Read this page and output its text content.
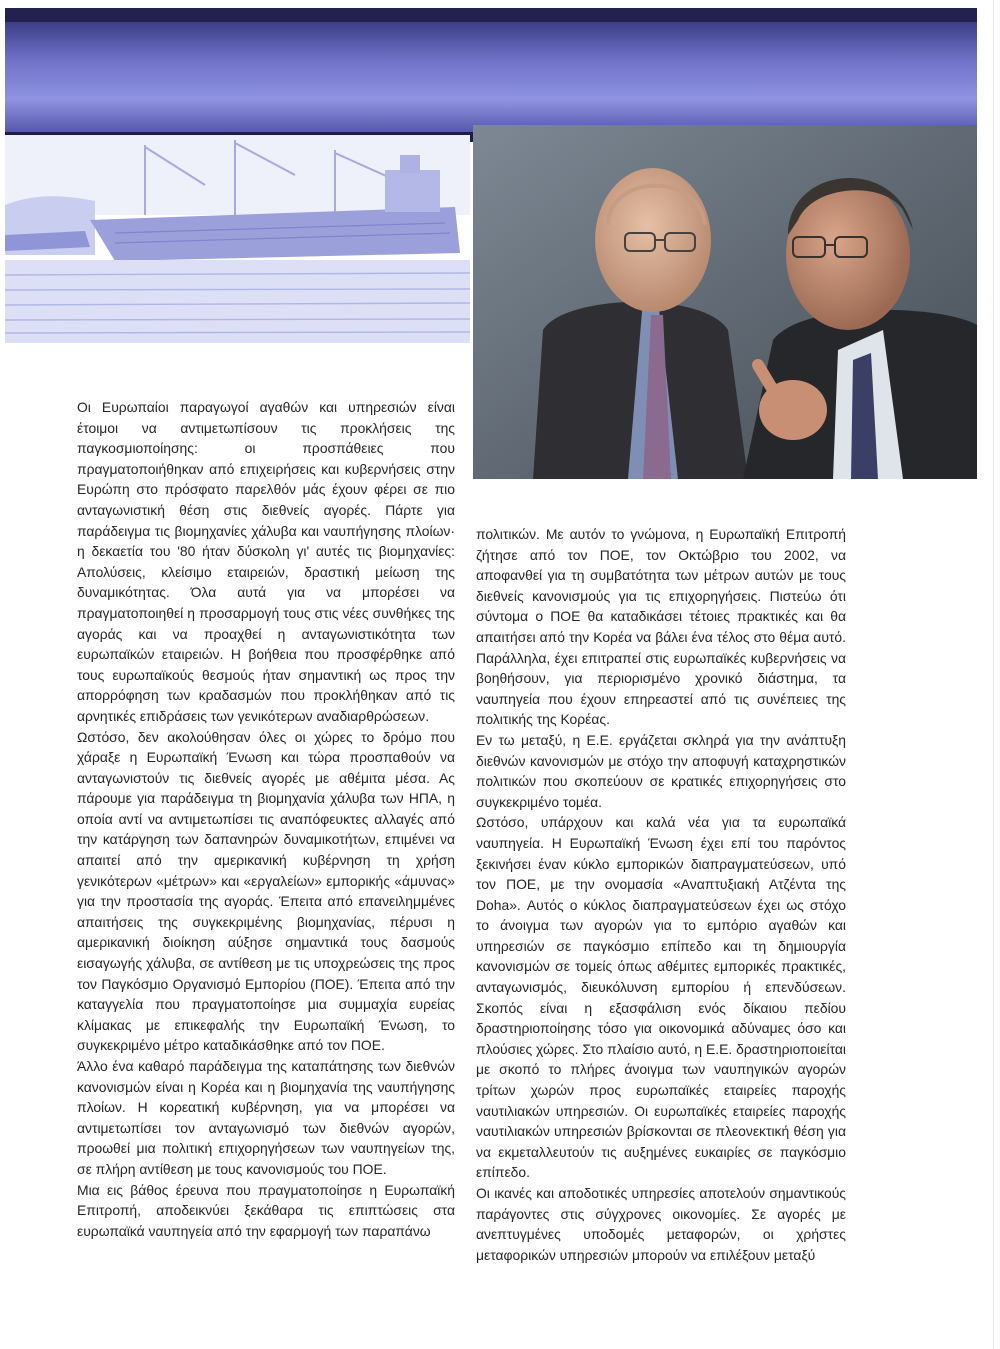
Οι Ευρωπαίοι παραγωγοί αγαθών και υπηρεσιών είναι έτοιμοι να αντιμετωπίσουν τις προκλήσεις της παγκοσμιοποίησης: οι προσπάθειες που πραγματοποιήθηκαν από επιχειρήσεις και κυβερνήσεις στην Ευρώπη στο πρόσφατο παρελθόν μάς έχουν φέρει σε πιο ανταγωνιστική θέση στις διεθνείς αγορές. Πάρτε για παράδειγμα τις βιομηχανίες χάλυβα και ναυπήγησης πλοίων· η δεκαετία του '80 ήταν δύσκολη γι' αυτές τις βιομηχανίες: Απολύσεις, κλείσιμο εταιρειών, δραστική μείωση της δυναμικότητας. Όλα αυτά για να μπορέσει να πραγματοποιηθεί η προσαρμογή τους στις νέες συνθήκες της αγοράς και να προαχθεί η ανταγωνιστικότητα των ευρωπαϊκών εταιρειών. Η βοήθεια που προσφέρθηκε από τους ευρωπαϊκούς θεσμούς ήταν σημαντική ως προς την απορρόφηση των κραδασμών που προκλήθηκαν από τις αρνητικές επιδράσεις των γενικότερων αναδιαρθρώσεων.

Ωστόσο, δεν ακολούθησαν όλες οι χώρες το δρόμο που χάραξε η Ευρωπαϊκή Ένωση και τώρα προσπαθούν να ανταγωνιστούν τις διεθνείς αγορές με αθέμιτα μέσα. Ας πάρουμε για παράδειγμα τη βιομηχανία χάλυβα των ΗΠΑ, η οποία αντί να αντιμετωπίσει τις αναπόφευκτες αλλαγές από την κατάργηση των δαπανηρών δυναμικοτήτων, επιμένει να απαιτεί από την αμερικανική κυβέρνηση τη χρήση γενικότερων «μέτρων» και «εργαλείων» εμπορικής «άμυνας» για την προστασία της αγοράς. Έπειτα από επανειλημμένες απαιτήσεις της συγκεκριμένης βιομηχανίας, πέρυσι η αμερικανική διοίκηση αύξησε σημαντικά τους δασμούς εισαγωγής χάλυβα, σε αντίθεση με τις υποχρεώσεις της προς τον Παγκόσμιο Οργανισμό Εμπορίου (ΠΟΕ). Έπειτα από την καταγγελία που πραγματοποίησε μια συμμαχία ευρείας κλίμακας με επικεφαλής την Ευρωπαϊκή Ένωση, το συγκεκριμένο μέτρο καταδικάσθηκε από τον ΠΟΕ.

Άλλο ένα καθαρό παράδειγμα της καταπάτησης των διεθνών κανονισμών είναι η Κορέα και η βιομηχανία της ναυπήγησης πλοίων. Η κορεατική κυβέρνηση, για να μπορέσει να αντιμετωπίσει τον ανταγωνισμό των διεθνών αγορών, προωθεί μια πολιτική επιχορηγήσεων των ναυπηγείων της, σε πλήρη αντίθεση με τους κανονισμούς του ΠΟΕ.

Μια εις βάθος έρευνα που πραγματοποίησε η Ευρωπαϊκή Επιτροπή, αποδεικνύει ξεκάθαρα τις επιπτώσεις στα ευρωπαϊκά ναυπηγεία από την εφαρμογή των παραπάνω

πολιτικών. Με αυτόν το γνώμονα, η Ευρωπαϊκή Επιτροπή ζήτησε από τον ΠΟΕ, τον Οκτώβριο του 2002, να αποφανθεί για τη συμβατότητα των μέτρων αυτών με τους διεθνείς κανονισμούς για τις επιχορηγήσεις. Πιστεύω ότι σύντομα ο ΠΟΕ θα καταδικάσει τέτοιες πρακτικές και θα απαιτήσει από την Κορέα να βάλει ένα τέλος στο θέμα αυτό. Παράλληλα, έχει επιτραπεί στις ευρωπαϊκές κυβερνήσεις να βοηθήσουν, για περιορισμένο χρονικό διάστημα, τα ναυπηγεία που έχουν επηρεαστεί από τις συνέπειες της πολιτικής της Κορέας.

Εν τω μεταξύ, η Ε.Ε. εργάζεται σκληρά για την ανάπτυξη διεθνών κανονισμών με στόχο την αποφυγή καταχρηστικών πολιτικών που σκοπεύουν σε κρατικές επιχορηγήσεις στο συγκεκριμένο τομέα.

Ωστόσο, υπάρχουν και καλά νέα για τα ευρωπαϊκά ναυπηγεία. Η Ευρωπαϊκή Ένωση έχει επί του παρόντος ξεκινήσει έναν κύκλο εμπορικών διαπραγματεύσεων, υπό τον ΠΟΕ, με την ονομασία «Αναπτυξιακή Ατζέντα της Doha». Αυτός ο κύκλος διαπραγματεύσεων έχει ως στόχο το άνοιγμα των αγορών για το εμπόριο αγαθών και υπηρεσιών σε παγκόσμιο επίπεδο και τη δημιουργία κανονισμών σε τομείς όπως αθέμιτες εμπορικές πρακτικές, ανταγωνισμός, διευκόλυνση εμπορίου ή επενδύσεων. Σκοπός είναι η εξασφάλιση ενός δίκαιου πεδίου δραστηριοποίησης τόσο για οικονομικά αδύναμες όσο και πλούσιες χώρες. Στο πλαίσιο αυτό, η Ε.Ε. δραστηριοποιείται με σκοπό το πλήρες άνοιγμα των ναυπηγικών αγορών τρίτων χωρών προς ευρωπαϊκές εταιρείες παροχής ναυτιλιακών υπηρεσιών. Οι ευρωπαϊκές εταιρείες παροχής ναυτιλιακών υπηρεσιών βρίσκονται σε πλεονεκτική θέση για να εκμεταλλευτούν τις αυξημένες ευκαιρίες σε παγκόσμιο επίπεδο.

Οι ικανές και αποδοτικές υπηρεσίες αποτελούν σημαντικούς παράγοντες στις σύγχρονες οικονομίες. Σε αγορές με ανεπτυγμένες υποδομές μεταφορών, οι χρήστες μεταφορικών υπηρεσιών μπορούν να επιλέξουν μεταξύ
